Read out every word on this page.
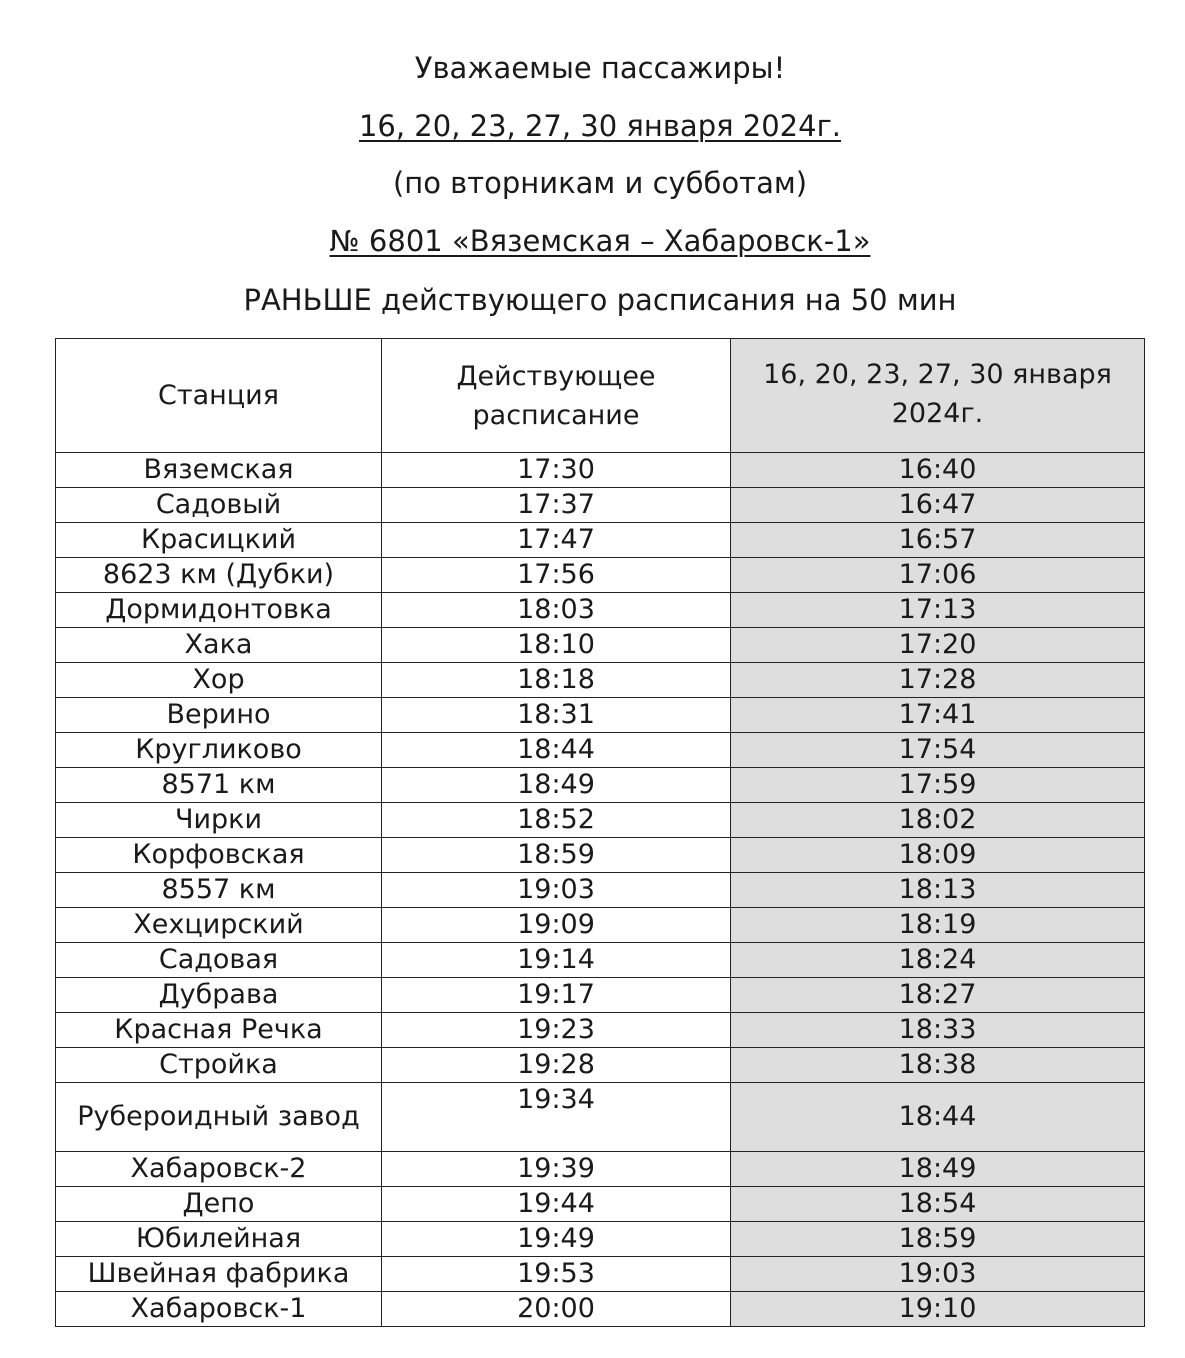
Уважаемые пассажиры!
16, 20, 23, 27, 30 января 2024г.
(по вторникам и субботам)
№ 6801 «Вяземская – Хабаровск-1»
РАНЬШЕ действующего расписания на 50 мин
Станция	Действующее расписание	16, 20, 23, 27, 30 января 2024г.
Вяземская	17:30	16:40
Садовый	17:37	16:47
Красицкий	17:47	16:57
8623 км (Дубки)	17:56	17:06
Дормидонтовка	18:03	17:13
Хака	18:10	17:20
Хор	18:18	17:28
Верино	18:31	17:41
Кругликово	18:44	17:54
8571 км	18:49	17:59
Чирки	18:52	18:02
Корфовская	18:59	18:09
8557 км	19:03	18:13
Хехцирский	19:09	18:19
Садовая	19:14	18:24
Дубрава	19:17	18:27
Красная Речка	19:23	18:33
Стройка	19:28	18:38
Рубероидный завод	19:34	18:44
Хабаровск-2	19:39	18:49
Депо	19:44	18:54
Юбилейная	19:49	18:59
Швейная фабрика	19:53	19:03
Хабаровск-1	20:00	19:10
